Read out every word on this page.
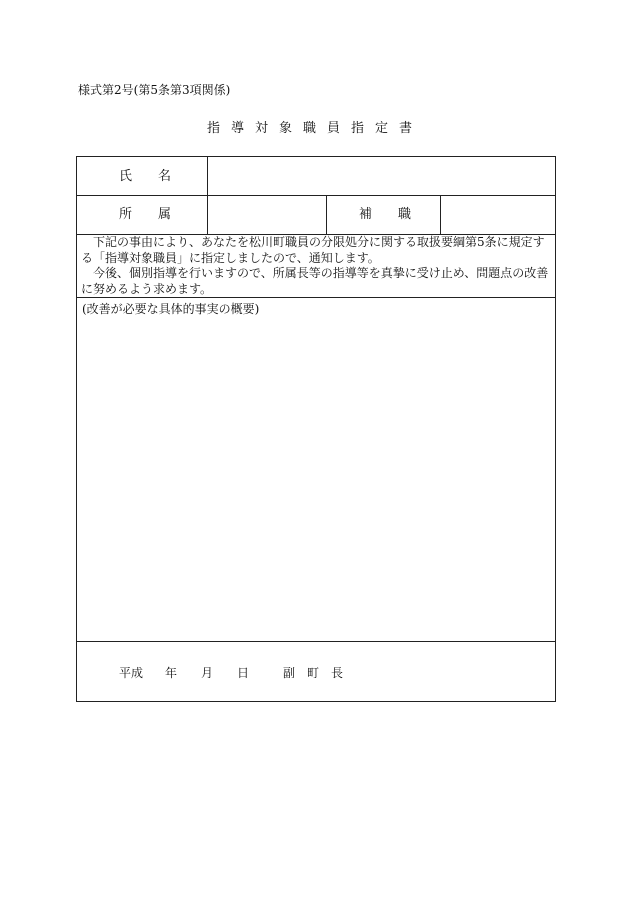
様式第2号(第5条第3項関係)
指導対象職員指定書
氏　　名
所　　属	補　　職

下記の事由により、あなたを松川町職員の分限処分に関する取扱要綱第5条に規定する「指導対象職員」に指定しましたので、通知します。

今後、個別指導を行いますので、所属長等の指導等を真摯に受け止め、問題点の改善に努めるよう求めます。

(改善が必要な具体的事実の概要)
平成 年 月 日	副　町　長
